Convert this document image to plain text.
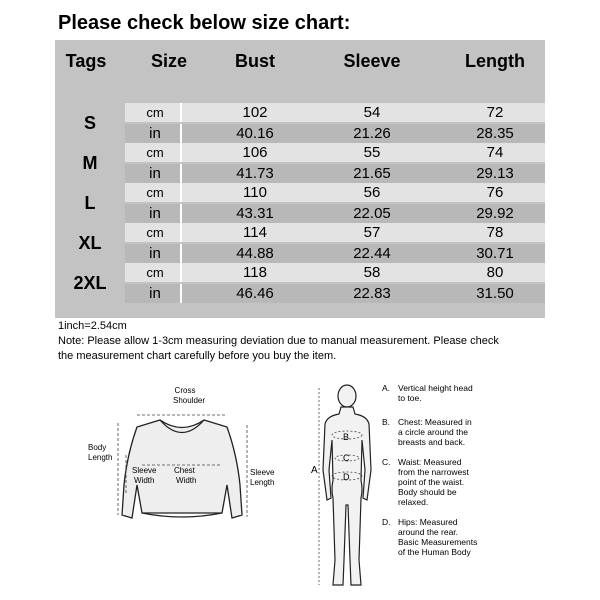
Please check below size chart:
Tags	Size	Bust	Sleeve	Length
S	cm	102	54	72
in	40.16	21.26	28.35
M	cm	106	55	74
in	41.73	21.65	29.13
L	cm	110	56	76
in	43.31	22.05	29.92
XL	cm	114	57	78
in	44.88	22.44	30.71
2XL	cm	118	58	80
in	46.46	22.83	31.50
1inch=2.54cm
Note: Please allow 1-3cm measuring deviation due to manual measurement. Please check
the measurement chart carefully before you buy the item.
Cross
Shoulder
Body
Length
Sleeve
Width
Chest
Width
Sleeve
Length
A
B
C
D
A. Vertical height head
to toe.
B. Chest: Measured in
a circle around the
breasts and back.
C. Waist: Measured
from the narrowest
point of the waist.
Body should be
relaxed.
D. Hips: Measured
around the rear.
Basic Measurements
of the Human Body
